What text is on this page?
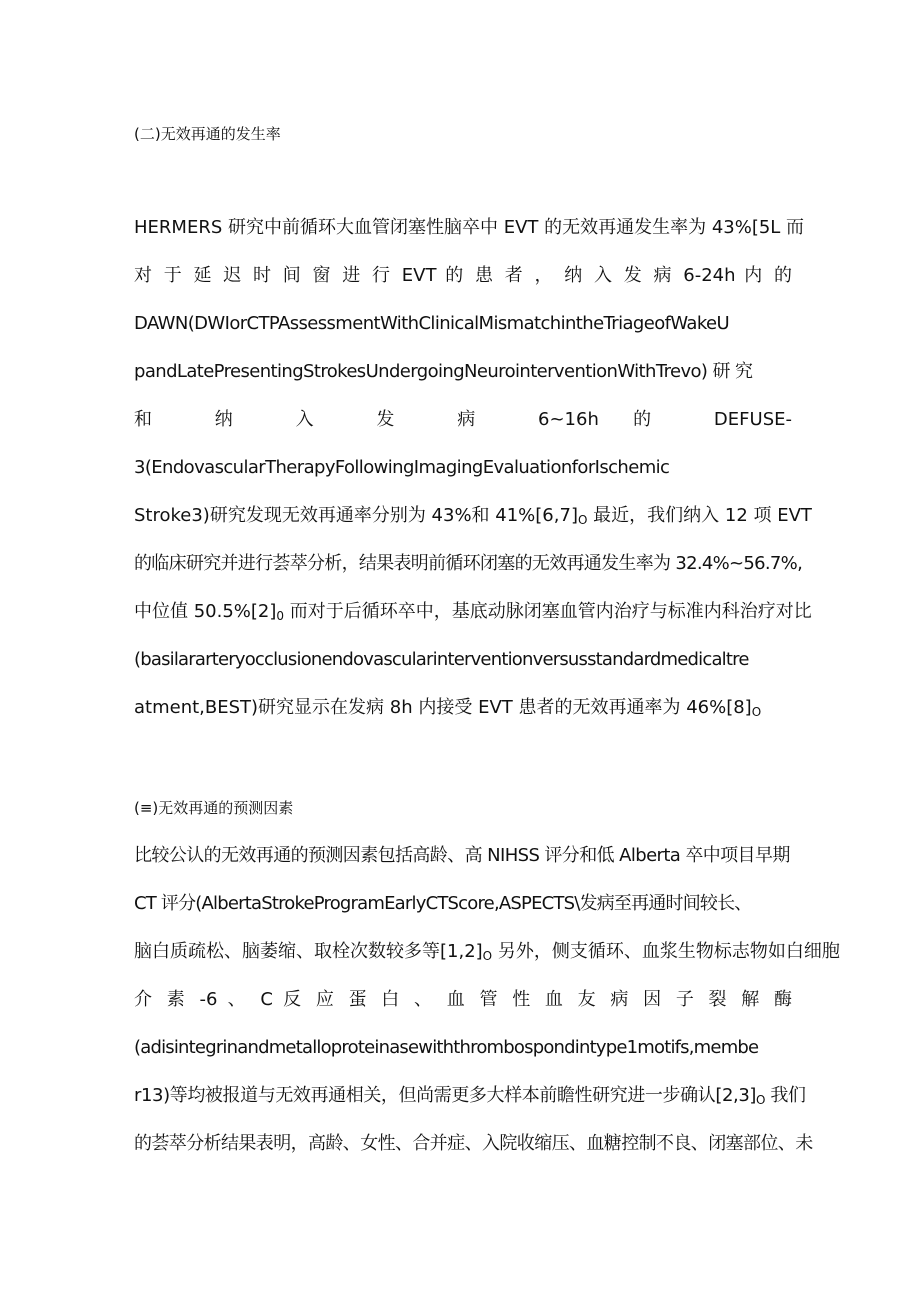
(二)无效再通的发生率
HERMERS 研究中前循环大血管闭塞性脑卒中 EVT 的无效再通发生率为 43%[5L 而
对 于 延 迟 时 间 窗 进 行 EVT 的 患 者 ， 纳 入 发 病 6-24h 内 的
DAWN(DWIorCTPAssessmentWithClinicalMismatchintheTriageofWakeU
pandLatePresentingStrokesUndergoingNeurointerventionWithTrevo) 研 究
和 纳 入 发 病 6~16h 的 DEFUSE-
3(EndovascularTherapyFollowingImagingEvaluationforIschemic
Stroke3)研究发现无效再通率分别为 43%和 $41\%[6,7]_O$ 最近，我们纳入 12 项 EVT
的临床研究并进行荟萃分析，结果表明前循环闭塞的无效再通发生率为 32.4%~56.7%,
中位值 $50.5\%[2]_0$ 而对于后循环卒中，基底动脉闭塞血管内治疗与标准内科治疗对比
(basilararteryocclusionendovascularinterventionversusstandardmedicaltre
atment,BEST)研究显示在发病 8h 内接受 EVT 患者的无效再通率为 $46\%[8]_O$
(≡)无效再通的预测因素
比较公认的无效再通的预测因素包括高龄、高 NIHSS 评分和低 Alberta 卒中项目早期
CT 评分(AlbertaStrokeProgramEarlyCTScore,ASPECTS\发病至再通时间较长、
脑白质疏松、脑萎缩、取栓次数较多等$[1,2]_O$ 另外，侧支循环、血浆生物标志物如白细胞
介 素 -6 、 C 反 应 蛋 白 、 血 管 性 血 友 病 因 子 裂 解 酶
(adisintegrinandmetalloproteinasewiththrombospondintype1motifs,membe
r13)等均被报道与无效再通相关，但尚需更多大样本前瞻性研究进一步确认$[2,3]_O$ 我们
的荟萃分析结果表明，高龄、女性、合并症、入院收缩压、血糖控制不良、闭塞部位、未
